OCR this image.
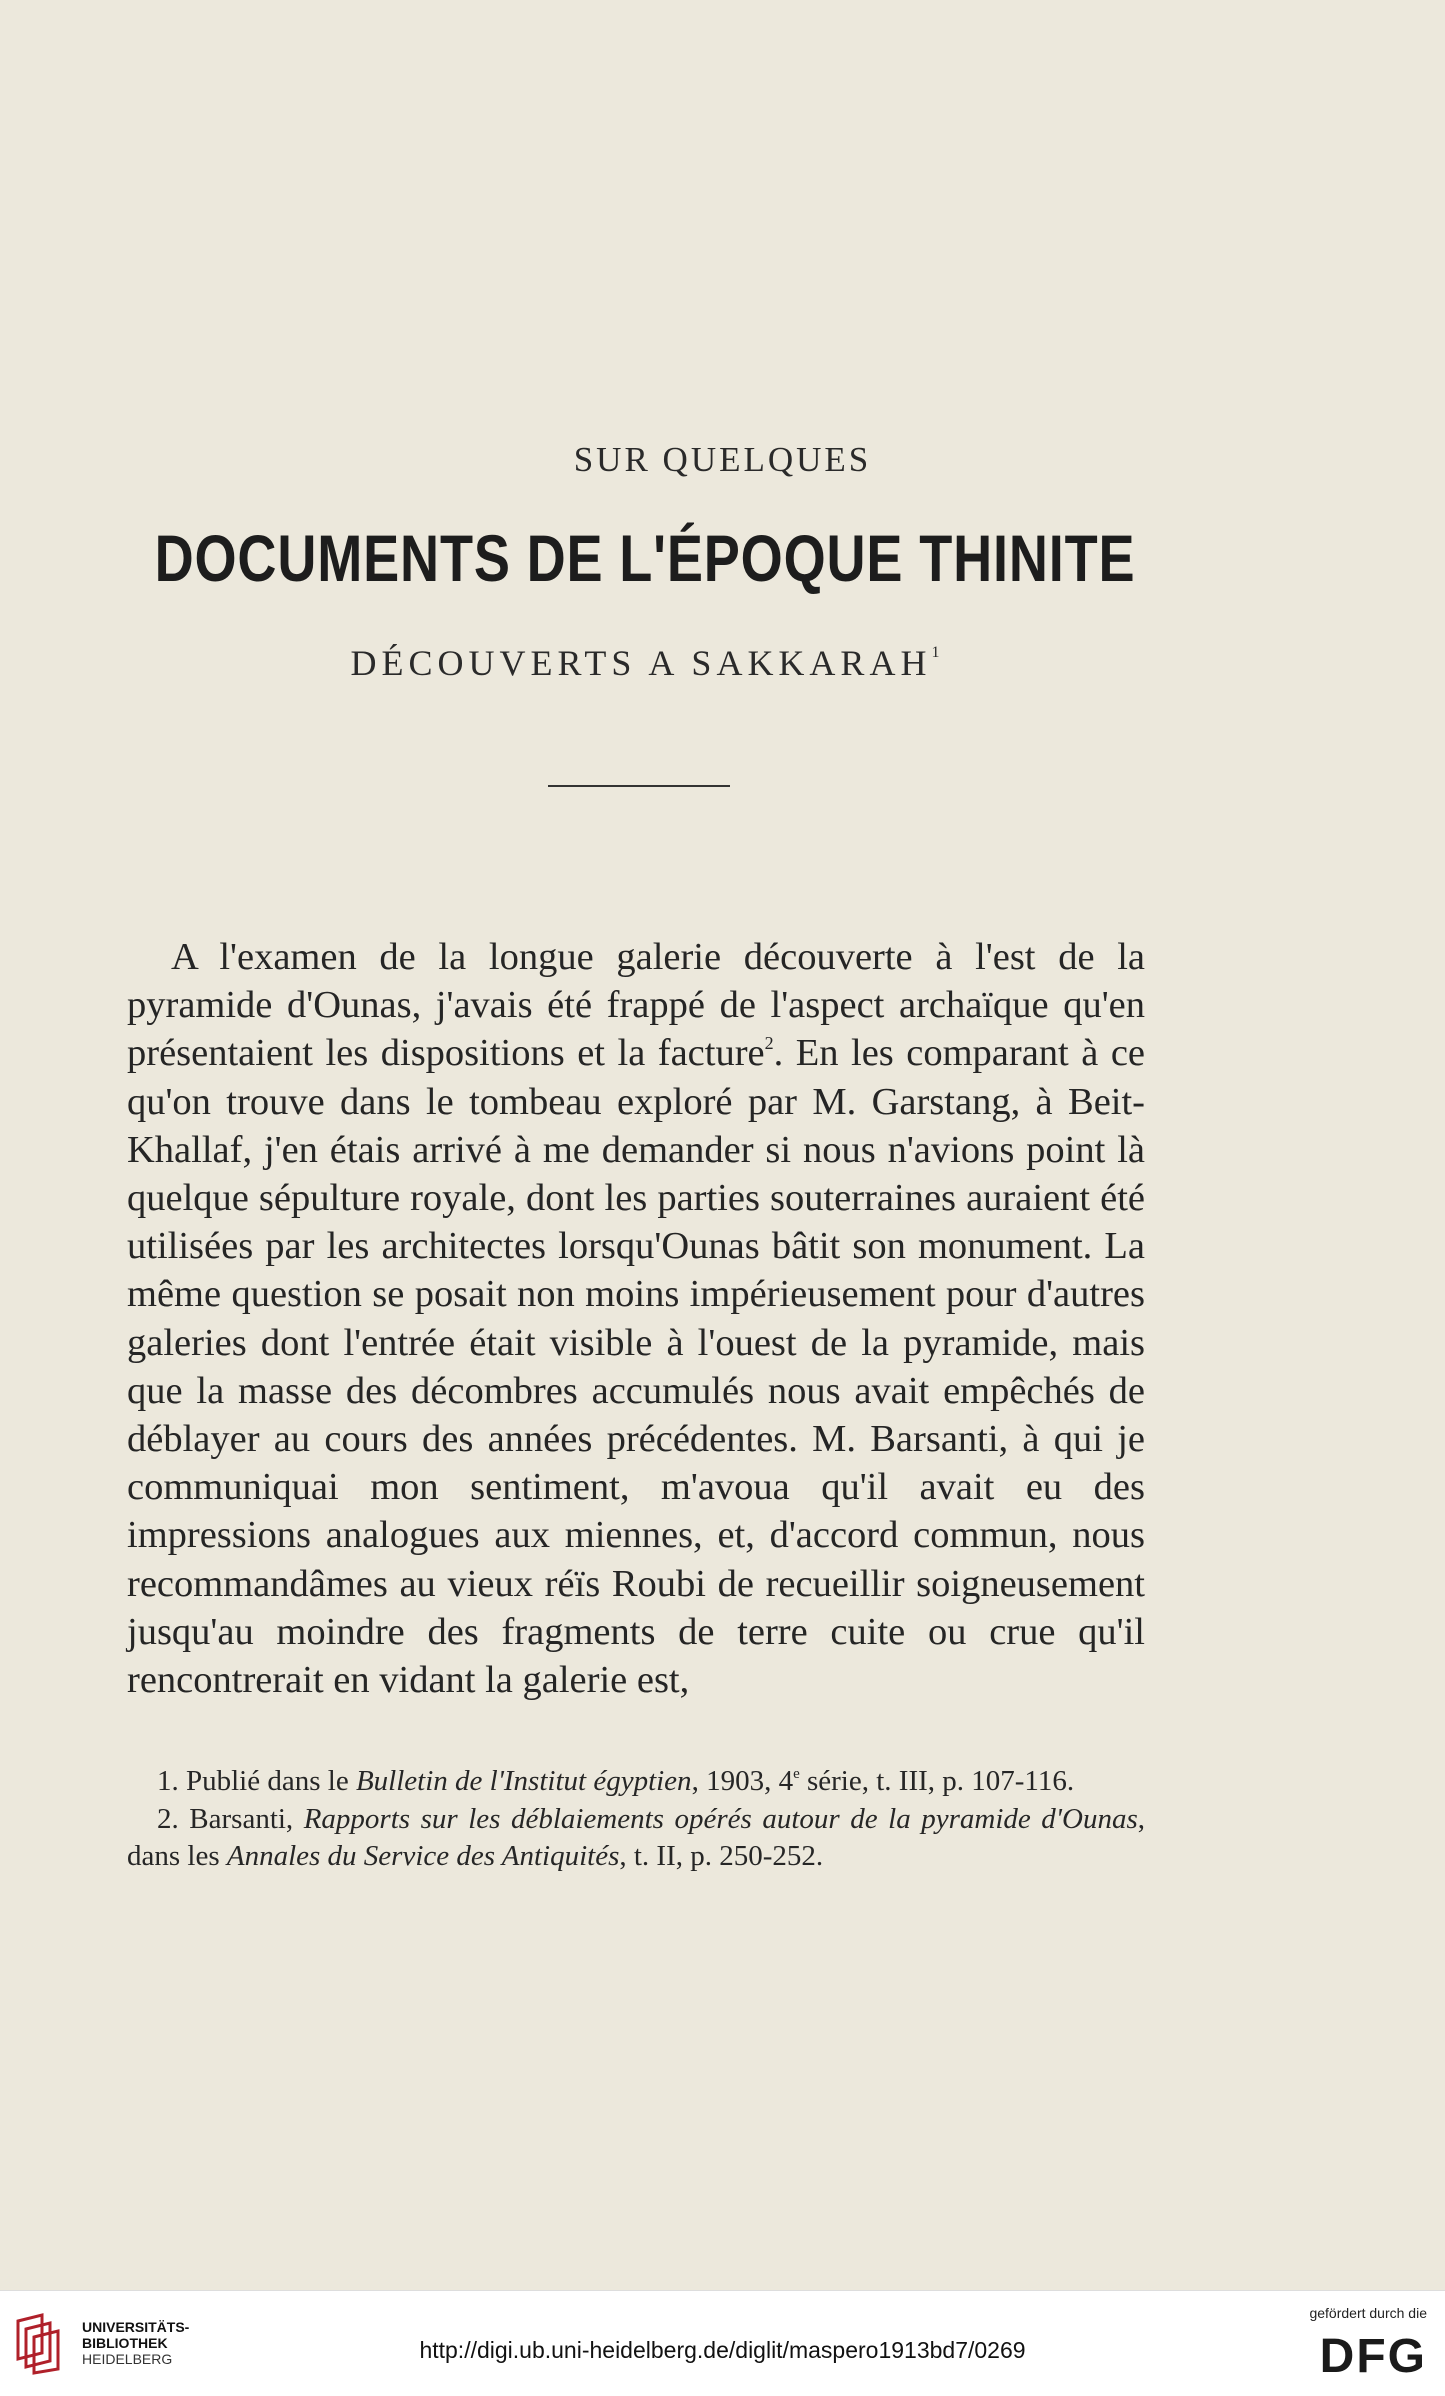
SUR QUELQUES
DOCUMENTS DE L'ÉPOQUE THINITE
DÉCOUVERTS A SAKKARAH$^1$

A l'examen de la longue galerie découverte à l'est de la pyramide d'Ounas, j'avais été frappé de l'aspect archaïque qu'en présentaient les dispositions et la facture$^2$. En les comparant à ce qu'on trouve dans le tombeau exploré par M. Garstang, à Beit-Khallaf, j'en étais arrivé à me demander si nous n'avions point là quelque sépulture royale, dont les parties souterraines auraient été utilisées par les architectes lorsqu'Ounas bâtit son monument. La même question se posait non moins impérieusement pour d'autres galeries dont l'entrée était visible à l'ouest de la pyramide, mais que la masse des décombres accumulés nous avait empêchés de déblayer au cours des années précédentes. M. Barsanti, à qui je communiquai mon sentiment, m'avoua qu'il avait eu des impressions analogues aux miennes, et, d'accord commun, nous recommandâmes au vieux réïs Roubi de recueillir soigneusement jusqu'au moindre des fragments de terre cuite ou crue qu'il rencontrerait en vidant la galerie est,

1. Publié dans le Bulletin de l'Institut égyptien, 1903, 4e série, t. III, p. 107-116.

2. Barsanti, Rapports sur les déblaiements opérés autour de la pyramide d'Ounas, dans les Annales du Service des Antiquités, t. II, p. 250-252.

UNIVERSITÄTS-
BIBLIOTHEK
HEIDELBERG	http://digi.ub.uni-heidelberg.de/diglit/maspero1913bd7/0269
gefördert durch die
DFG
